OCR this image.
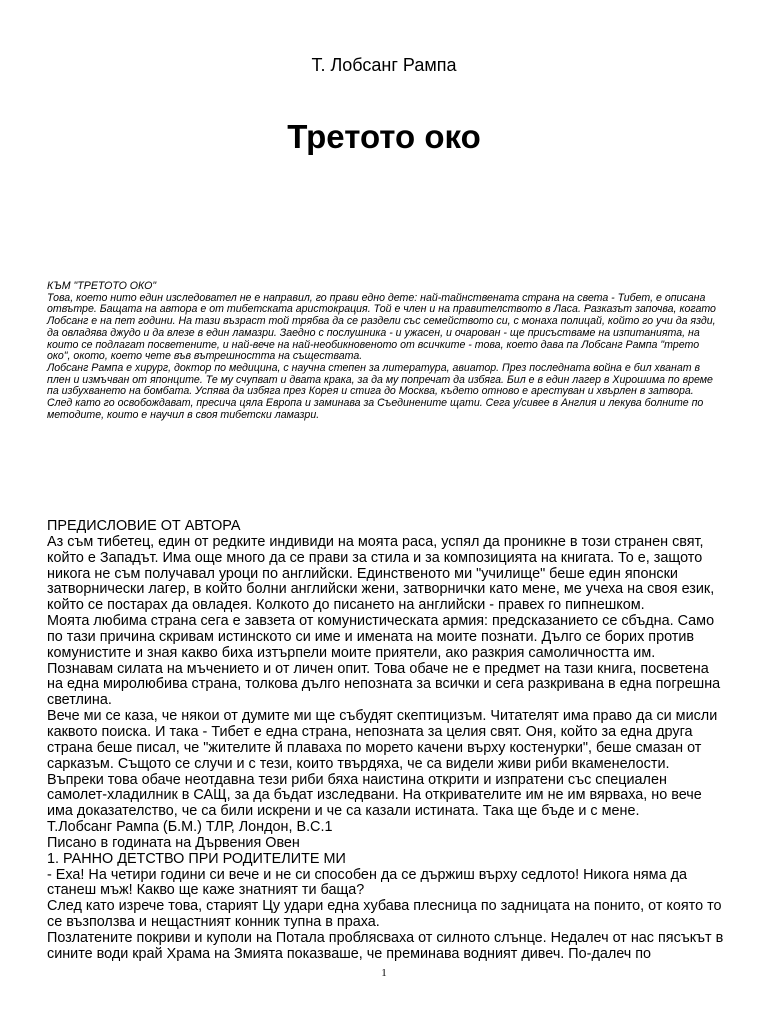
Т. Лобсанг Рампа
Третото око

КЪМ "ТРЕТОТО ОКО"

Това, което нито един изследовател не е направил, го прави едно дете: най-тайнствената страна на света - Тибет, е описана отвътре. Бащата на автора е от тибетската аристокрация. Той е член и на правителството в Ласа. Разказът започва, когато Лобсанг е на пет години. На тази възраст той трябва да се раздели със семейството си, с монаха полицай, който го учи да язди, да овладява джудо и да влезе в един ламазри. Заедно с послушника - и ужасен, и очарован - ще присъстваме на изпитанията, на които се подлагат посветените, и най-вече на най-необикновеното от всичките - това, което дава па Лобсанг Рампа "трето око", окото, което чете във вътрешността на съществата.

Лобсанг Рампа е хирург, доктор по медицина, с научна степен за литература, авиатор. През последната война е бил хванат в плен и измъчван от японците. Те му счупват и двата крака, за да му попречат да избяга. Бил е в един лагер в Хирошима по време па избухването на бомбата. Успява да избяга през Корея и стига до Москва, където отново е арестуван и хвърлен в затвора. След като го освобождават, пресича цяла Европа и заминава за Съединените щати. Сега у/сивее в Англия и лекува болните по методите, които е научил в своя тибетски ламазри.

ПРЕДИСЛОВИЕ ОТ АВТОРА

Аз съм тибетец, един от редките индивиди на моята раса, успял да проникне в този странен свят, който е Западът. Има още много да се прави за стила и за композицията на книгата. То е, защото никога не съм получавал уроци по английски. Единственото ми "училище" беше един японски затворнически лагер, в който болни английски жени, затворнички като мене, ме учеха на своя език, който се постарах да овладея. Колкото до писането на английски - правех го пипнешком.

Моята любима страна сега е завзета от комунистическата армия: предсказанието се сбъдна. Само по тази причина скривам истинското си име и имената на моите познати. Дълго се борих против комунистите и зная какво биха изтърпели моите приятели, ако разкрия самоличността им.

Познавам силата на мъчението и от личен опит. Това обаче не е предмет на тази книга, посветена на една миролюбива страна, толкова дълго непозната за всички и сега разкривана в една погрешна светлина.

Вече ми се каза, че някои от думите ми ще събудят скептицизъм. Читателят има право да си мисли каквото поиска. И така - Тибет е една страна, непозната за целия свят. Оня, който за една друга страна беше писал, че "жителите й плаваха по морето качени върху костенурки", беше смазан от сарказъм. Същото се случи и с тези, които твърдяха, че са видели живи риби вкаменелости. Въпреки това обаче неотдавна тези риби бяха наистина открити и изпратени със специален самолет-хладилник в САЩ, за да бъдат изследвани. На откривателите им не им вярваха, но вече има доказателство, че са били искрени и че са казали истината. Така ще бъде и с мене.

Т.Лобсанг Рампа (Б.М.) ТЛР, Лондон, В.С.1

Писано в годината на Дървения Овен

1. РАННО ДЕТСТВО ПРИ РОДИТЕЛИТЕ МИ

- Еха! На четири години си вече и не си способен да се държиш върху седлото! Никога няма да станеш мъж! Какво ще каже знатният ти баща?

След като изрече това, старият Цу удари една хубава плесница по задницата на понито, от която то се възползва и нещастният конник тупна в праха.

Позлатените покриви и куполи на Потала проблясваха от силното слънце. Недалеч от нас пясъкът в сините води край Храма на Змията показваше, че преминава водният дивеч. По-далеч по

1
